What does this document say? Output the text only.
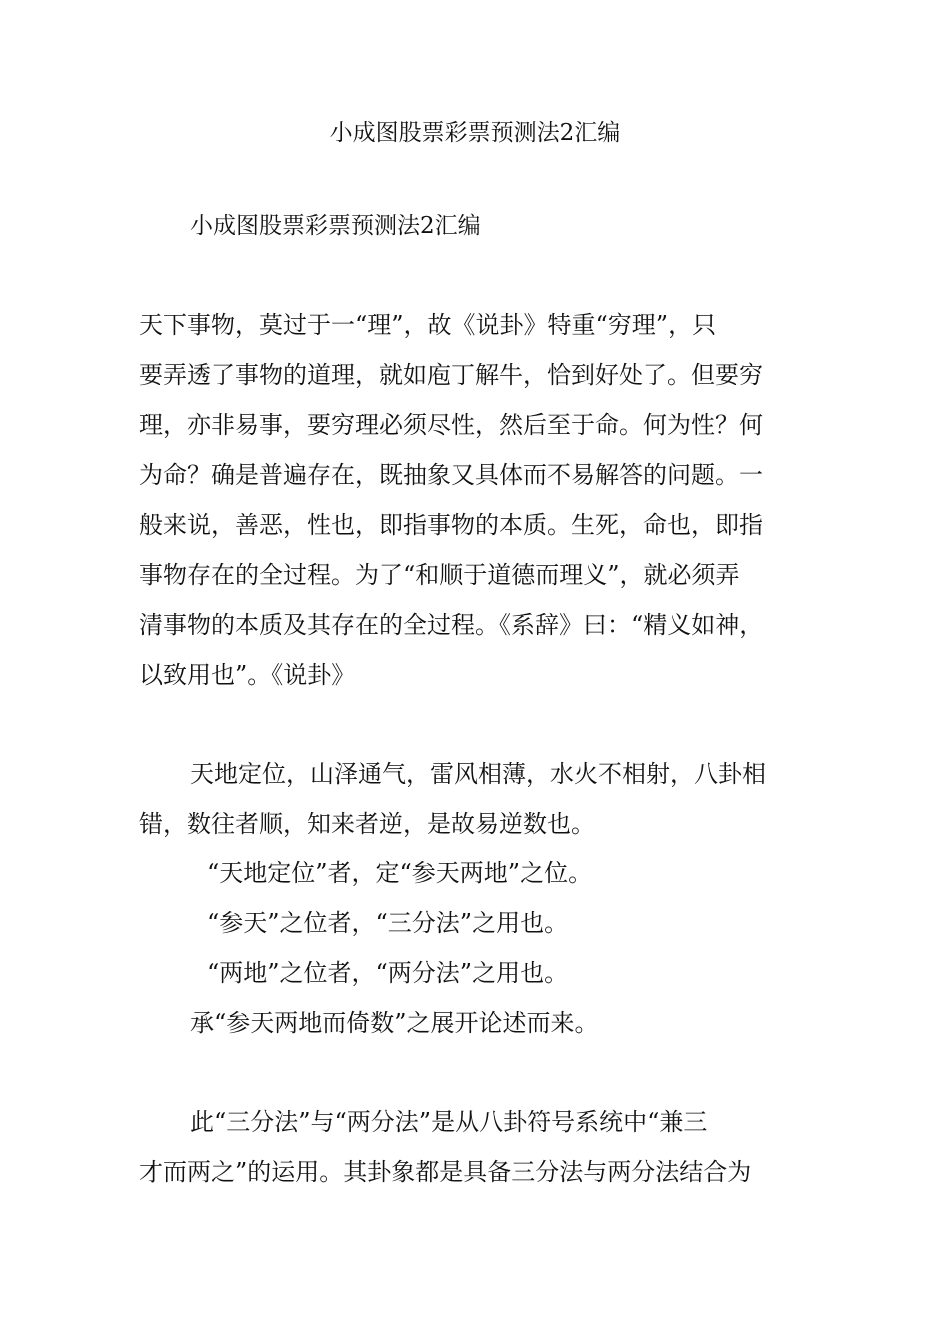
小成图股票彩票预测法2汇编

小成图股票彩票预测法2汇编

天下事物，莫过于一“理”，故《说卦》特重“穷理”，只

要弄透了事物的道理，就如庖丁解牛，恰到好处了。但要穷

理，亦非易事，要穷理必须尽性，然后至于命。何为性？何

为命？确是普遍存在，既抽象又具体而不易解答的问题。一

般来说，善恶，性也，即指事物的本质。生死，命也，即指

事物存在的全过程。为了“和顺于道德而理义”，就必须弄

清事物的本质及其存在的全过程。《系辞》曰：“精义如神，

以致用也”。《说卦》

天地定位，山泽通气，雷风相薄，水火不相射，八卦相

错，数往者顺，知来者逆，是故易逆数也。

“天地定位”者，定“参天两地”之位。

“参天”之位者，“三分法”之用也。

“两地”之位者，“两分法”之用也。

承“参天两地而倚数”之展开论述而来。

此“三分法”与“两分法”是从八卦符号系统中“兼三

才而两之”的运用。其卦象都是具备三分法与两分法结合为
